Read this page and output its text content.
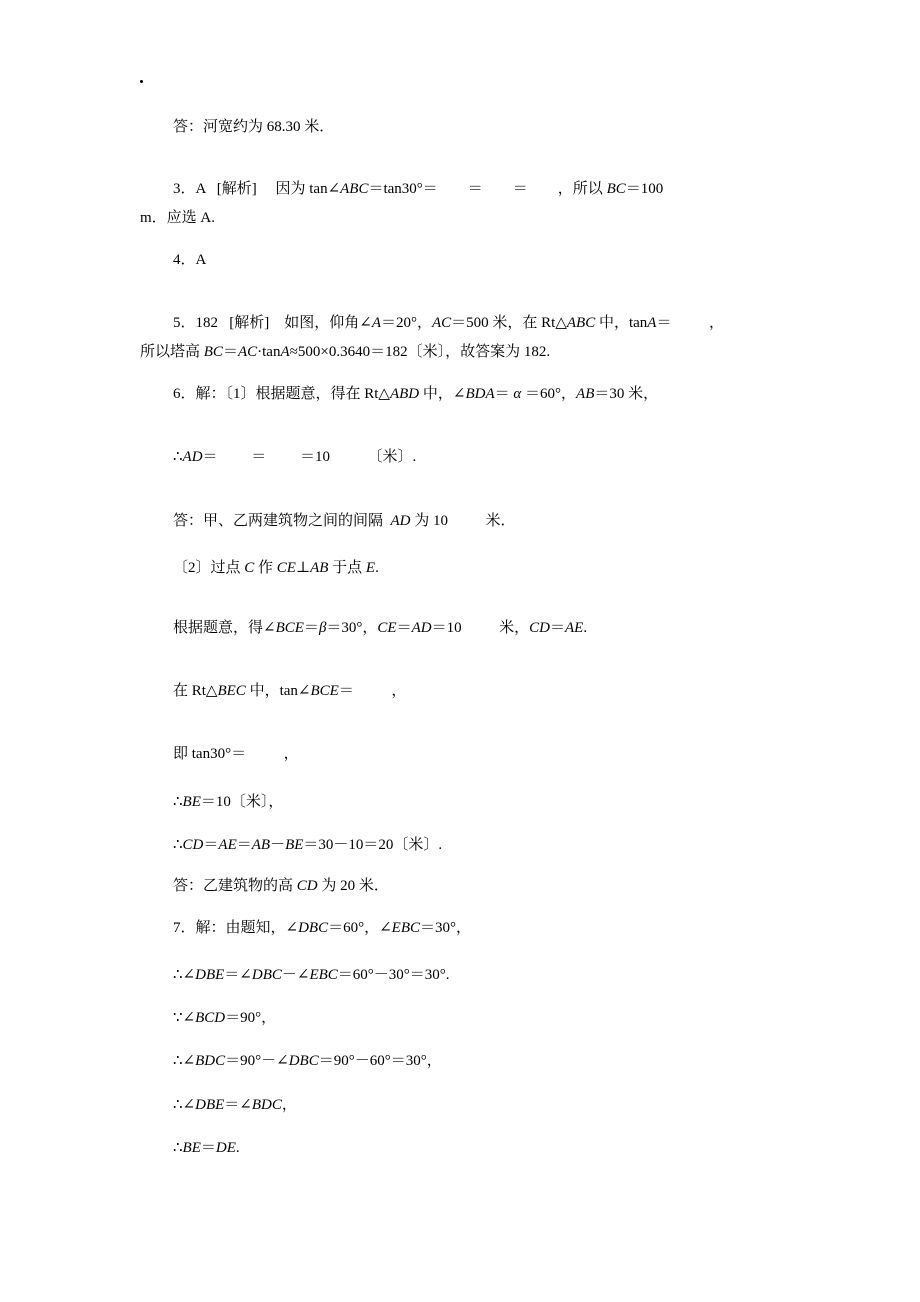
答：河宽约为 68.30 米．
3．A   [解析]     因为 tan∠ABC＝tan30°＝        ＝        ＝        ，所以 BC＝100
m．应选 A.
4．A
5．182   [解析]    如图，仰角∠A＝20°，AC＝500 米，在 Rt△ABC 中，tanA＝          ，
所以塔高 BC＝AC·tanA≈500×0.3640＝182〔米〕，故答案为 182.
6．解：〔1〕根据题意，得在 Rt△ABD 中，∠BDA＝ α ＝60°，AB＝30 米，
∴AD＝         ＝         ＝10          〔米〕.
答：甲、乙两建筑物之间的间隔  AD 为 10          米．
〔2〕过点 C 作 CE⊥AB 于点 E.
根据题意，得∠BCE＝β＝30°，CE＝AD＝10          米，CD＝AE.
在 Rt△BEC 中，tan∠BCE＝          ，
即 tan30°＝          ，
∴BE＝10〔米〕，
∴CD＝AE＝AB－BE＝30－10＝20〔米〕.
答：乙建筑物的高 CD 为 20 米．
7．解：由题知，∠DBC＝60°，∠EBC＝30°，
∴∠DBE＝∠DBC－∠EBC＝60°－30°＝30°.
∵∠BCD＝90°，
∴∠BDC＝90°－∠DBC＝90°－60°＝30°，
∴∠DBE＝∠BDC，
∴BE＝DE.
